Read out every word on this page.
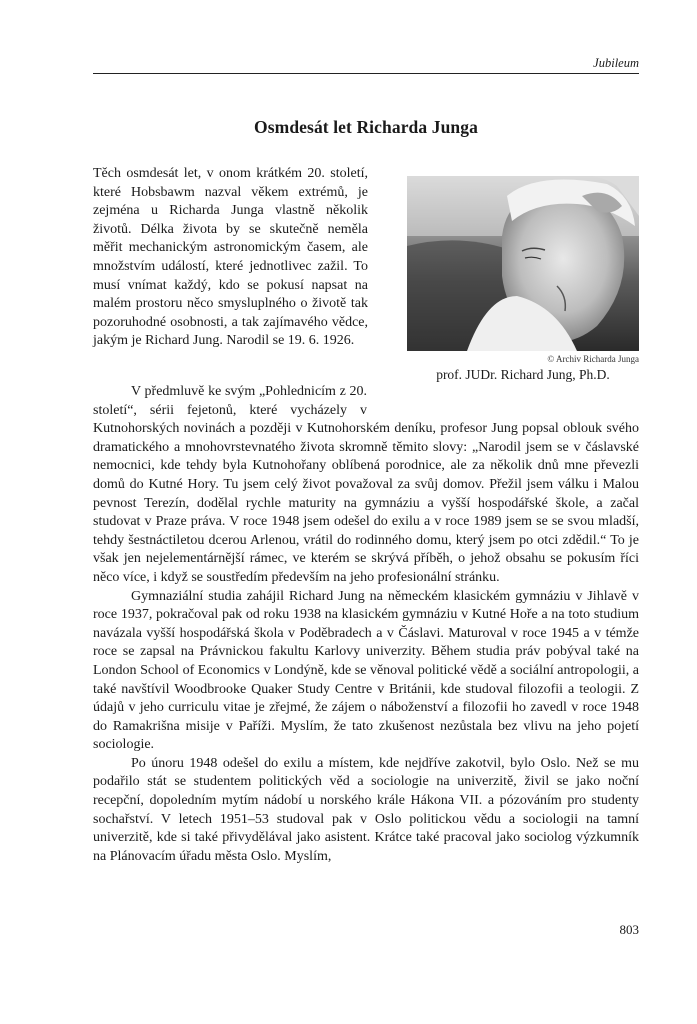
Jubileum
Osmdesát let Richarda Junga
© Archiv Richarda Junga
prof. JUDr. Richard Jung, Ph.D.

Těch osmdesát let, v onom krátkém 20. století, které Hobsbawm nazval věkem extrémů, je zejména u Richarda Junga vlastně několik životů. Délka života by se skutečně neměla měřit mechanickým astronomickým časem, ale množstvím událostí, které jednotlivec zažil. To musí vnímat každý, kdo se pokusí napsat na malém prostoru něco smysluplného o životě tak pozoruhodné osobnosti, a tak zajímavého vědce, jakým je Richard Jung. Narodil se 19. 6. 1926.

V předmluvě ke svým „Pohlednicím z 20. století“, sérii fejetonů, které vycházely v Kutnohorských novinách a později v Kutnohorském deníku, profesor Jung popsal oblouk svého dramatického a mnohovrstevnatého života skromně těmito slovy: „Narodil jsem se v čáslavské nemocnici, kde tehdy byla Kutnohořany oblíbená porodnice, ale za několik dnů mne převezli domů do Kutné Hory. Tu jsem celý život považoval za svůj domov. Přežil jsem válku i Malou pevnost Terezín, dodělal rychle maturity na gymnáziu a vyšší hospodářské škole, a začal studovat v Praze práva. V roce 1948 jsem odešel do exilu a v roce 1989 jsem se se svou mladší, tehdy šestnáctiletou dcerou Arlenou, vrátil do rodinného domu, který jsem po otci zdědil.“ To je však jen nejelementárnější rámec, ve kterém se skrývá příběh, o jehož obsahu se pokusím říci něco více, i když se soustředím především na jeho profesionální stránku.

Gymnaziální studia zahájil Richard Jung na německém klasickém gymnáziu v Jihlavě v roce 1937, pokračoval pak od roku 1938 na klasickém gymnáziu v Kutné Hoře a na toto studium navázala vyšší hospodářská škola v Poděbradech a v Čáslavi. Maturoval v roce 1945 a v témže roce se zapsal na Právnickou fakultu Karlovy univerzity. Během studia práv pobýval také na London School of Economics v Londýně, kde se věnoval politické vědě a sociální antropologii, a také navštívil Woodbrooke Quaker Study Centre v Británii, kde studoval filozofii a teologii. Z údajů v jeho curriculu vitae je zřejmé, že zájem o náboženství a filozofii ho zavedl v roce 1948 do Ramakrišna misije v Paříži. Myslím, že tato zkušenost nezůstala bez vlivu na jeho pojetí sociologie.

Po únoru 1948 odešel do exilu a místem, kde nejdříve zakotvil, bylo Oslo. Než se mu podařilo stát se studentem politických věd a sociologie na univerzitě, živil se jako noční recepční, dopoledním mytím nádobí u norského krále Hákona VII. a pózováním pro studenty sochařství. V letech 1951–53 studoval pak v Oslo politickou vědu a sociologii na tamní univerzitě, kde si také přivydělával jako asistent. Krátce také pracoval jako sociolog výzkumník na Plánovacím úřadu města Oslo. Myslím,

803
